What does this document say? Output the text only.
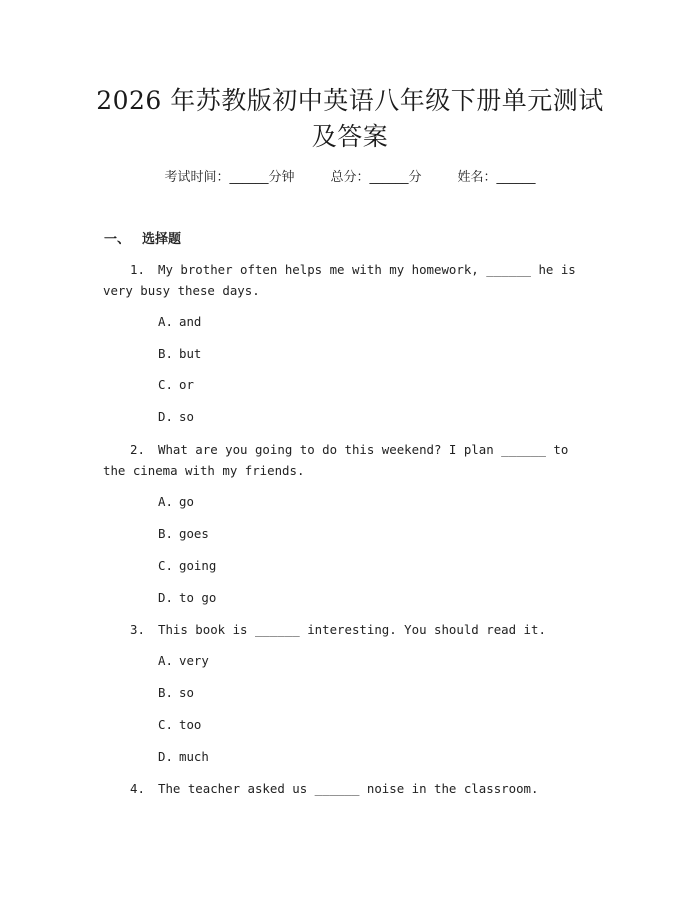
2026 年苏教版初中英语八年级下册单元测试
及答案
考试时间：______分钟	总分：______分	姓名：______
一、 选择题
1. My brother often helps me with my homework, ______ he is very busy these days.
A. and
B. but
C. or
D. so
2. What are you going to do this weekend? I plan ______ to the cinema with my friends.
A. go
B. goes
C. going
D. to go
3. This book is ______ interesting. You should read it.
A. very
B. so
C. too
D. much
4. The teacher asked us ______ noise in the classroom.
